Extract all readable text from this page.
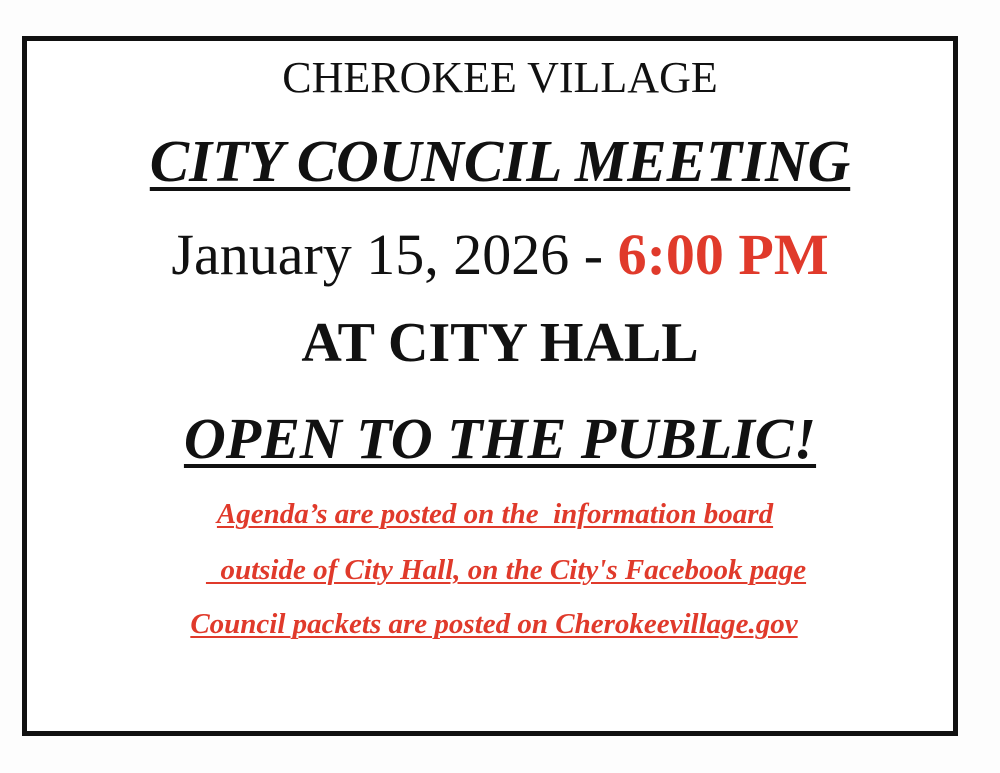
CHEROKEE VILLAGE
CITY COUNCIL MEETING
January 15, 2026 - 6:00 PM
AT CITY HALL
OPEN TO THE PUBLIC!
Agenda’s are posted on the  information board
outside of City Hall, on the City's Facebook page
Council packets are posted on Cherokeevillage.gov
